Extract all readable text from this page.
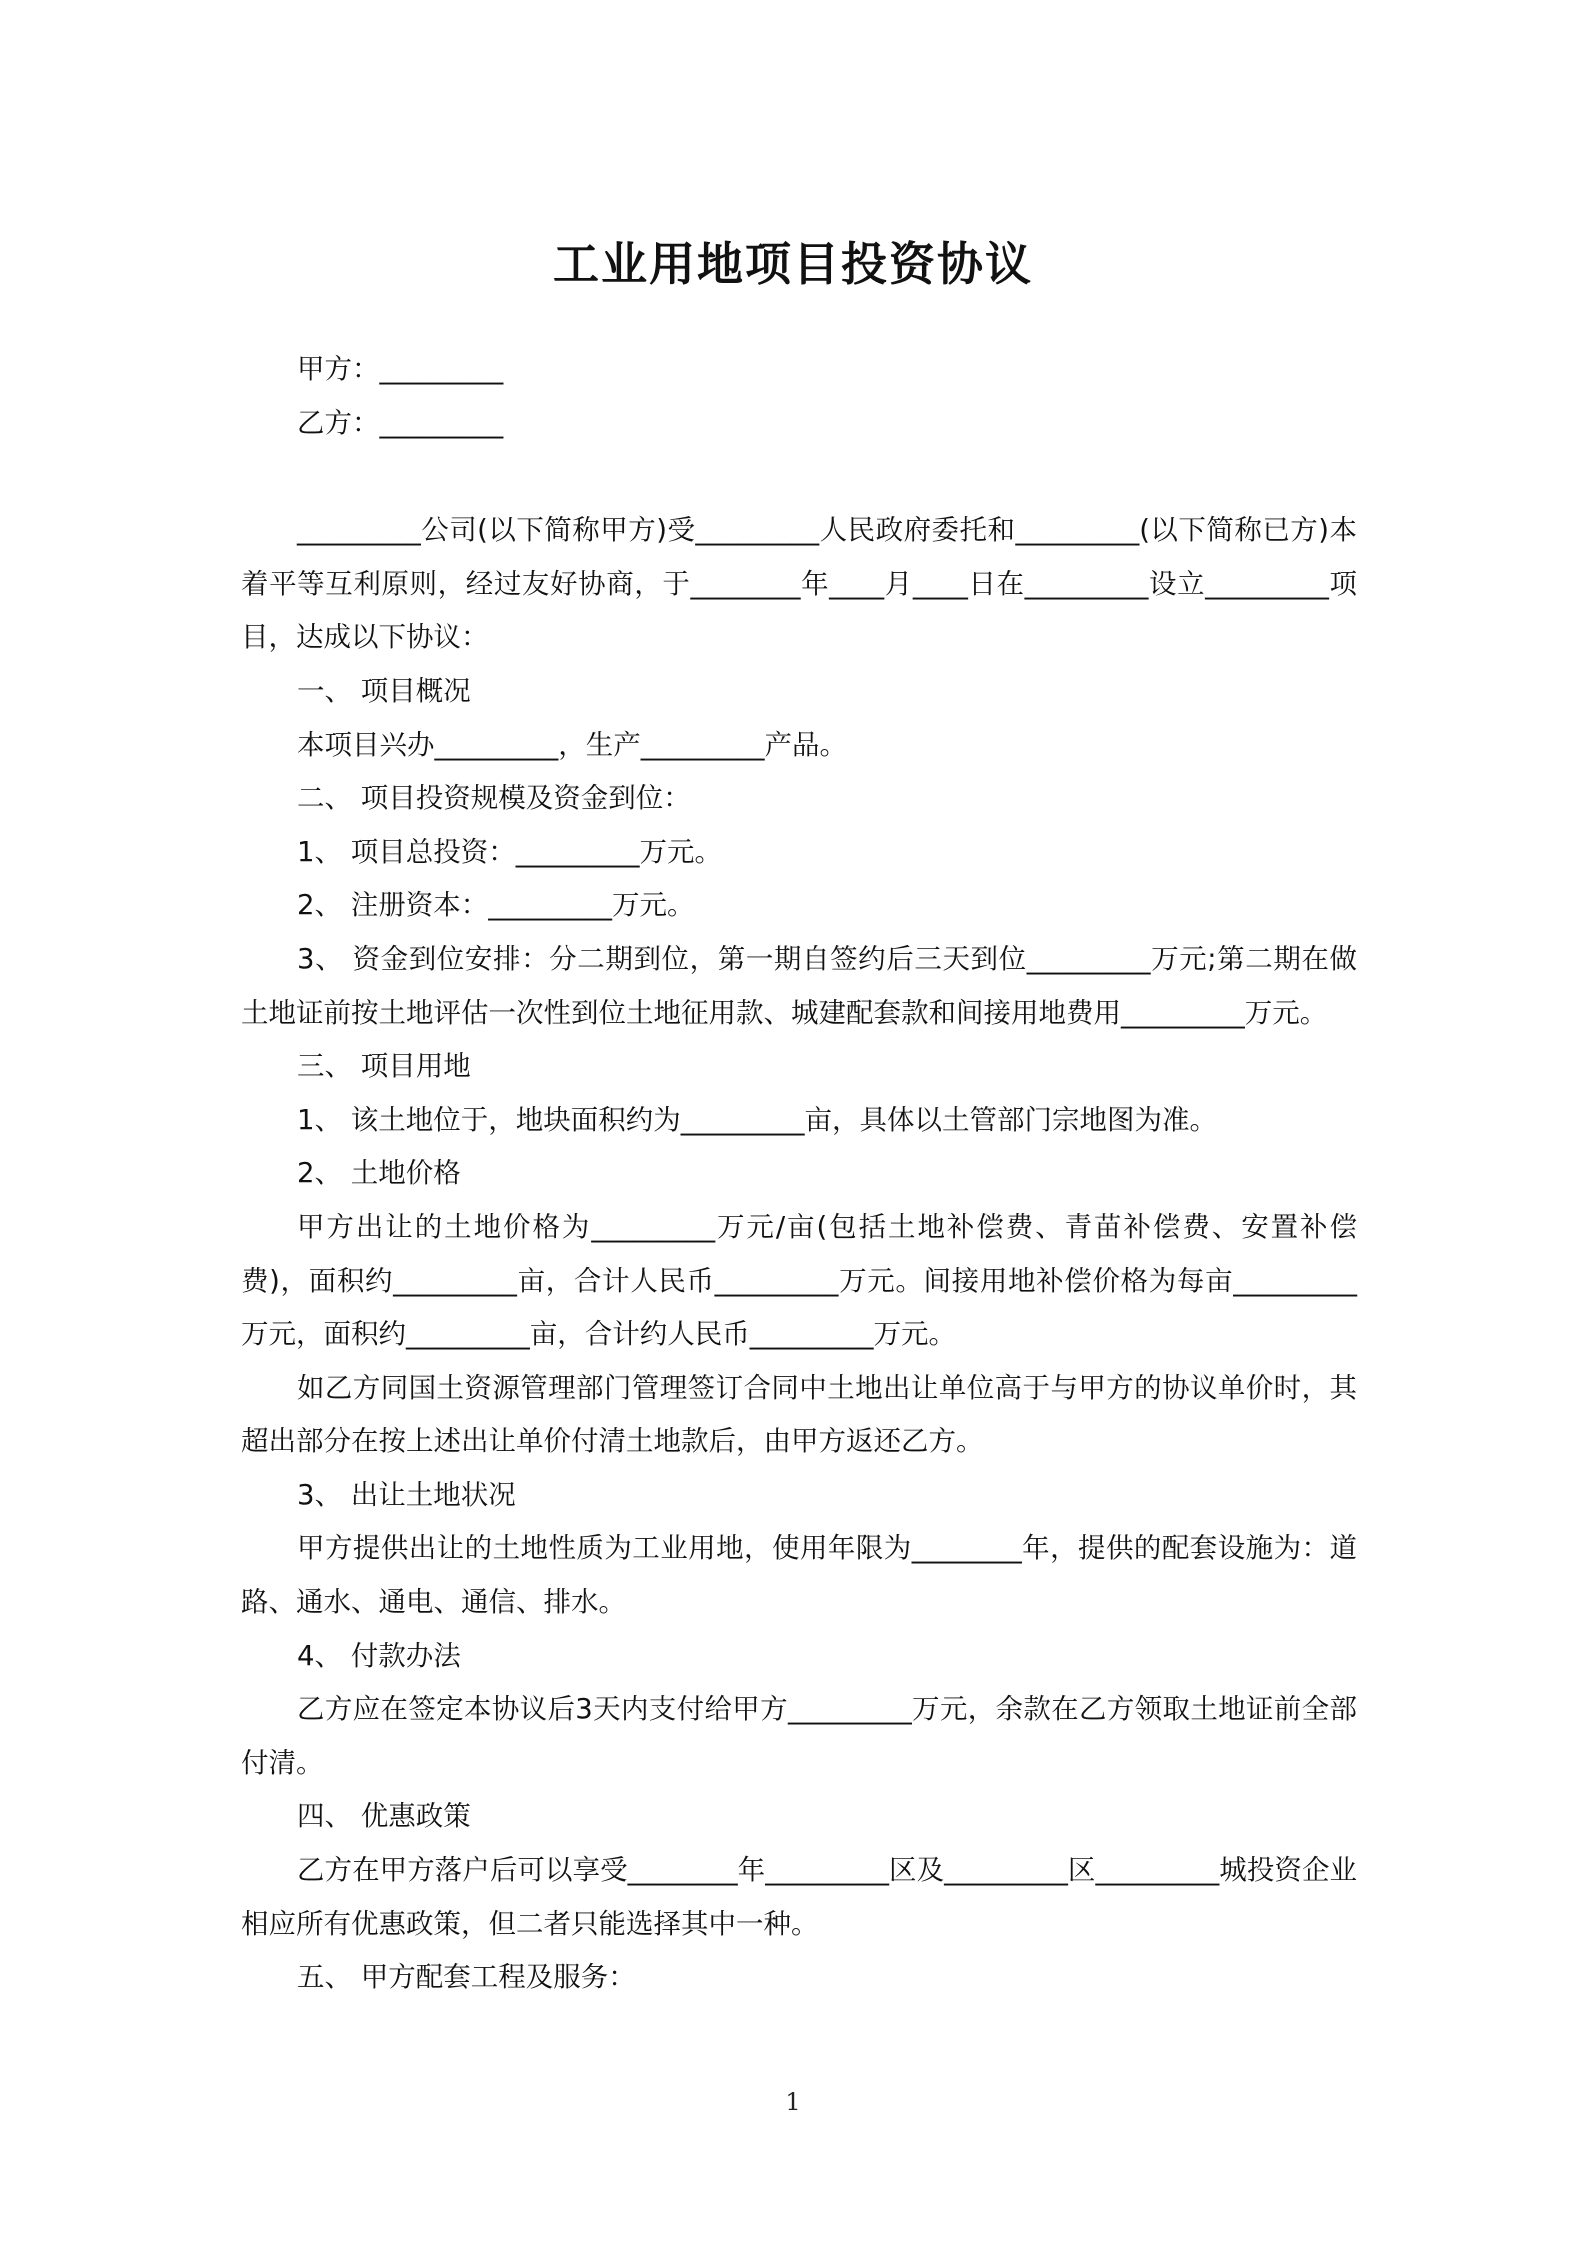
工业用地项目投资协议

甲方：_________

乙方：_________

_________公司(以下简称甲方)受_________人民政府委托和_________(以下简称已方)本着平等互利原则，经过友好协商，于________年____月____日在_________设立_________项目，达成以下协议：

一、 项目概况

本项目兴办_________，生产_________产品。

二、 项目投资规模及资金到位：

1、 项目总投资：_________万元。

2、 注册资本：_________万元。

3、 资金到位安排：分二期到位，第一期自签约后三天到位_________万元;第二期在做土地证前按土地评估一次性到位土地征用款、城建配套款和间接用地费用_________万元。

三、 项目用地

1、 该土地位于，地块面积约为_________亩，具体以土管部门宗地图为准。

2、 土地价格

甲方出让的土地价格为_________万元/亩(包括土地补偿费、青苗补偿费、安置补偿费)，面积约_________亩，合计人民币_________万元。间接用地补偿价格为每亩_________万元，面积约_________亩，合计约人民币_________万元。

如乙方同国土资源管理部门管理签订合同中土地出让单位高于与甲方的协议单价时，其超出部分在按上述出让单价付清土地款后，由甲方返还乙方。

3、 出让土地状况

甲方提供出让的土地性质为工业用地，使用年限为________年，提供的配套设施为：道路、通水、通电、通信、排水。

4、 付款办法

乙方应在签定本协议后3天内支付给甲方_________万元，余款在乙方领取土地证前全部付清。

四、 优惠政策

乙方在甲方落户后可以享受________年_________区及_________区_________城投资企业相应所有优惠政策，但二者只能选择其中一种。

五、 甲方配套工程及服务：

1
